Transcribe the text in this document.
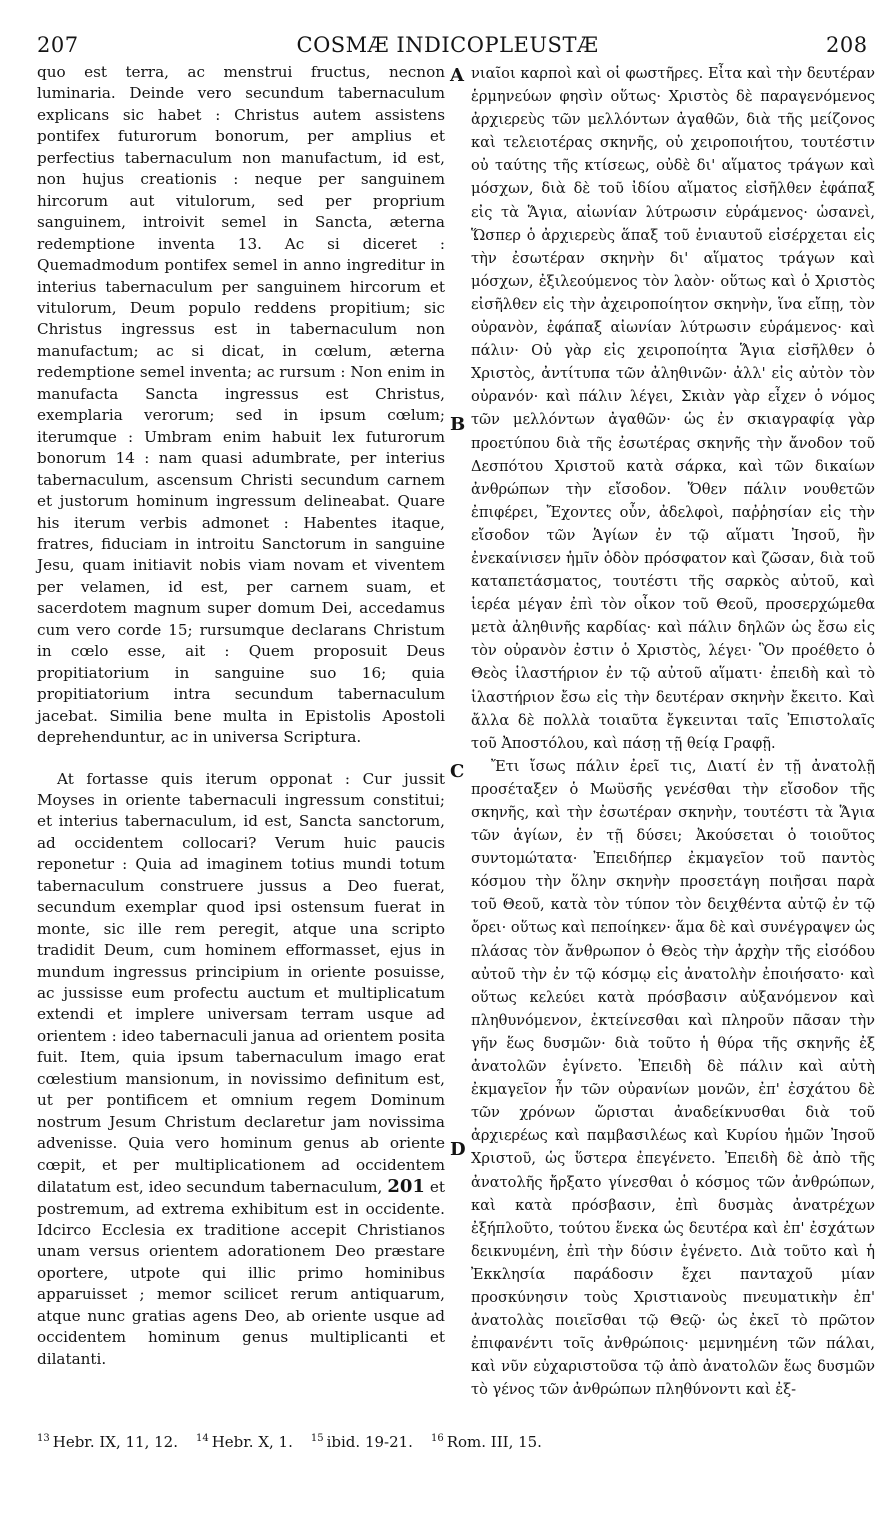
207	COSMÆ INDICOPLEUSTÆ	208

quo est terra, ac menstrui fructus, necnon luminaria. Deinde vero secundum tabernaculum explicans sic habet : Christus autem assistens pontifex futurorum bonorum, per amplius et perfectius tabernaculum non manufactum, id est, non hujus creationis : neque per sanguinem hircorum aut vitulorum, sed per proprium sanguinem, introivit semel in Sancta, æterna redemptione inventa 13. Ac si diceret : Quemadmodum pontifex semel in anno ingreditur in interius tabernaculum per sanguinem hircorum et vitulorum, Deum populo reddens propitium; sic Christus ingressus est in tabernaculum non manufactum; ac si dicat, in cœlum, æterna redemptione semel inventa; ac rursum : Non enim in manufacta Sancta ingressus est Christus, exemplaria verorum; sed in ipsum cœlum; iterumque : Umbram enim habuit lex futurorum bonorum 14 : nam quasi adumbrate, per interius tabernaculum, ascensum Christi secundum carnem et justorum hominum ingressum delineabat. Quare his iterum verbis admonet : Habentes itaque, fratres, fiduciam in introitu Sanctorum in sanguine Jesu, quam initiavit nobis viam novam et viventem per velamen, id est, per carnem suam, et sacerdotem magnum super domum Dei, accedamus cum vero corde 15; rursumque declarans Christum in cœlo esse, ait : Quem proposuit Deus propitiatorium in sanguine suo 16; quia propitiatorium intra secundum tabernaculum jacebat. Similia bene multa in Epistolis Apostoli deprehenduntur, ac in universa Scriptura.

At fortasse quis iterum opponat : Cur jussit Moyses in oriente tabernaculi ingressum constitui; et interius tabernaculum, id est, Sancta sanctorum, ad occidentem collocari? Verum huic paucis reponetur : Quia ad imaginem totius mundi totum tabernaculum construere jussus a Deo fuerat, secundum exemplar quod ipsi ostensum fuerat in monte, sic ille rem peregit, atque una scripto tradidit Deum, cum hominem efformasset, ejus in mundum ingressus principium in oriente posuisse, ac jussisse eum profectu auctum et multiplicatum extendi et implere universam terram usque ad orientem : ideo tabernaculi janua ad orientem posita fuit. Item, quia ipsum tabernaculum imago erat cœlestium mansionum, in novissimo definitum est, ut per pontificem et omnium regem Dominum nostrum Jesum Christum declaretur jam novissima advenisse. Quia vero hominum genus ab oriente cœpit, et per multiplicationem ad occidentem dilatatum est, ideo secundum tabernaculum, 201 et postremum, ad extrema exhibitum est in occidente. Idcirco Ecclesia ex traditione accepit Christianos unam versus orientem adorationem Deo præstare oportere, utpote qui illic primo hominibus apparuisset ; memor scilicet rerum antiquarum, atque nunc gratias agens Deo, ab oriente usque ad occidentem hominum genus multiplicanti et dilatanti.

A
B
C
D

νιαῖοι καρποὶ καὶ οἱ φωστῆρες. Εἶτα καὶ τὴν δευτέραν ἑρμηνεύων φησὶν οὕτως· Χριστὸς δὲ παραγενόμενος ἀρχιερεὺς τῶν μελλόντων ἀγαθῶν, διὰ τῆς μείζονος καὶ τελειοτέρας σκηνῆς, οὐ χειροποιήτου, τουτέστιν οὐ ταύτης τῆς κτίσεως, οὐδὲ δι' αἵματος τράγων καὶ μόσχων, διὰ δὲ τοῦ ἰδίου αἵματος εἰσῆλθεν ἐφάπαξ εἰς τὰ Ἅγια, αἰωνίαν λύτρωσιν εὑράμενος· ὡσανεὶ, Ὥσπερ ὁ ἀρχιερεὺς ἅπαξ τοῦ ἐνιαυτοῦ εἰσέρχεται εἰς τὴν ἐσωτέραν σκηνὴν δι' αἵματος τράγων καὶ μόσχων, ἐξιλεούμενος τὸν λαὸν· οὕτως καὶ ὁ Χριστὸς εἰσῆλθεν εἰς τὴν ἀχειροποίητον σκηνὴν, ἵνα εἴπῃ, τὸν οὐρανὸν, ἐφάπαξ αἰωνίαν λύτρωσιν εὑράμενος· καὶ πάλιν· Οὐ γὰρ εἰς χειροποίητα Ἅγια εἰσῆλθεν ὁ Χριστὸς, ἀντίτυπα τῶν ἀληθινῶν· ἀλλ' εἰς αὐτὸν τὸν οὐρανόν· καὶ πάλιν λέγει, Σκιὰν γὰρ εἶχεν ὁ νόμος τῶν μελλόντων ἀγαθῶν· ὡς ἐν σκιαγραφίᾳ γὰρ προετύπου διὰ τῆς ἐσωτέρας σκηνῆς τὴν ἄνοδον τοῦ Δεσπότου Χριστοῦ κατὰ σάρκα, καὶ τῶν δικαίων ἀνθρώπων τὴν εἴσοδον. Ὅθεν πάλιν νουθετῶν ἐπιφέρει, Ἔχοντες οὖν, ἀδελφοὶ, παῤῥησίαν εἰς τὴν εἴσοδον τῶν Ἁγίων ἐν τῷ αἵματι Ἰησοῦ, ἣν ἐνεκαίνισεν ἡμῖν ὁδὸν πρόσφατον καὶ ζῶσαν, διὰ τοῦ καταπετάσματος, τουτέστι τῆς σαρκὸς αὐτοῦ, καὶ ἱερέα μέγαν ἐπὶ τὸν οἶκον τοῦ Θεοῦ, προσερχώμεθα μετὰ ἀληθινῆς καρδίας· καὶ πάλιν δηλῶν ὡς ἔσω εἰς τὸν οὐρανὸν ἐστιν ὁ Χριστὸς, λέγει· Ὃν προέθετο ὁ Θεὸς ἱλαστήριον ἐν τῷ αὐτοῦ αἵματι· ἐπειδὴ καὶ τὸ ἱλαστήριον ἔσω εἰς τὴν δευτέραν σκηνὴν ἔκειτο. Καὶ ἄλλα δὲ πολλὰ τοιαῦτα ἔγκεινται ταῖς Ἐπιστολαῖς τοῦ Ἀποστόλου, καὶ πάσῃ τῇ θείᾳ Γραφῇ.

Ἔτι ἴσως πάλιν ἐρεῖ τις, Διατί ἐν τῇ ἀνατολῇ προσέταξεν ὁ Μωϋσῆς γενέσθαι τὴν εἴσοδον τῆς σκηνῆς, καὶ τὴν ἐσωτέραν σκηνὴν, τουτέστι τὰ Ἅγια τῶν ἁγίων, ἐν τῇ δύσει; Ἀκούσεται ὁ τοιοῦτος συντομώτατα· Ἐπειδήπερ ἐκμαγεῖον τοῦ παντὸς κόσμου τὴν ὅλην σκηνὴν προσετάγη ποιῆσαι παρὰ τοῦ Θεοῦ, κατὰ τὸν τύπον τὸν δειχθέντα αὐτῷ ἐν τῷ ὄρει· οὕτως καὶ πεποίηκεν· ἅμα δὲ καὶ συνέγραψεν ὡς πλάσας τὸν ἄνθρωπον ὁ Θεὸς τὴν ἀρχὴν τῆς εἰσόδου αὐτοῦ τὴν ἐν τῷ κόσμῳ εἰς ἀνατολὴν ἐποιήσατο· καὶ οὕτως κελεύει κατὰ πρόσβασιν αὐξανόμενον καὶ πληθυνόμενον, ἐκτείνεσθαι καὶ πληροῦν πᾶσαν τὴν γῆν ἕως δυσμῶν· διὰ τοῦτο ἡ θύρα τῆς σκηνῆς ἐξ ἀνατολῶν ἐγίνετο. Ἐπειδὴ δὲ πάλιν καὶ αὐτὴ ἐκμαγεῖον ἦν τῶν οὐρανίων μονῶν, ἐπ' ἐσχάτου δὲ τῶν χρόνων ὥρισται ἀναδείκνυσθαι διὰ τοῦ ἀρχιερέως καὶ παμβασιλέως καὶ Κυρίου ἡμῶν Ἰησοῦ Χριστοῦ, ὡς ὕστερα ἐπεγένετο. Ἐπειδὴ δὲ ἀπὸ τῆς ἀνατολῆς ἤρξατο γίνεσθαι ὁ κόσμος τῶν ἀνθρώπων, καὶ κατὰ πρόσβασιν, ἐπὶ δυσμὰς ἀνατρέχων ἐξήπλοῦτο, τούτου ἕνεκα ὡς δευτέρα καὶ ἐπ' ἐσχάτων δεικνυμένη, ἐπὶ τὴν δύσιν ἐγένετο. Διὰ τοῦτο καὶ ἡ Ἐκκλησία παράδοσιν ἔχει πανταχοῦ μίαν προσκύνησιν τοὺς Χριστιανοὺς πνευματικὴν ἐπ' ἀνατολὰς ποιεῖσθαι τῷ Θεῷ· ὡς ἐκεῖ τὸ πρῶτον ἐπιφανέντι τοῖς ἀνθρώποις· μεμνημένη τῶν πάλαι, καὶ νῦν εὐχαριστοῦσα τῷ ἀπὸ ἀνατολῶν ἕως δυσμῶν τὸ γένος τῶν ἀνθρώπων πληθύνοντι καὶ ἐξ-

$^{13}$ Hebr. IX, 11, 12. $^{14}$ Hebr. X, 1. $^{15}$ ibid. 19-21. $^{16}$ Rom. III, 15.
